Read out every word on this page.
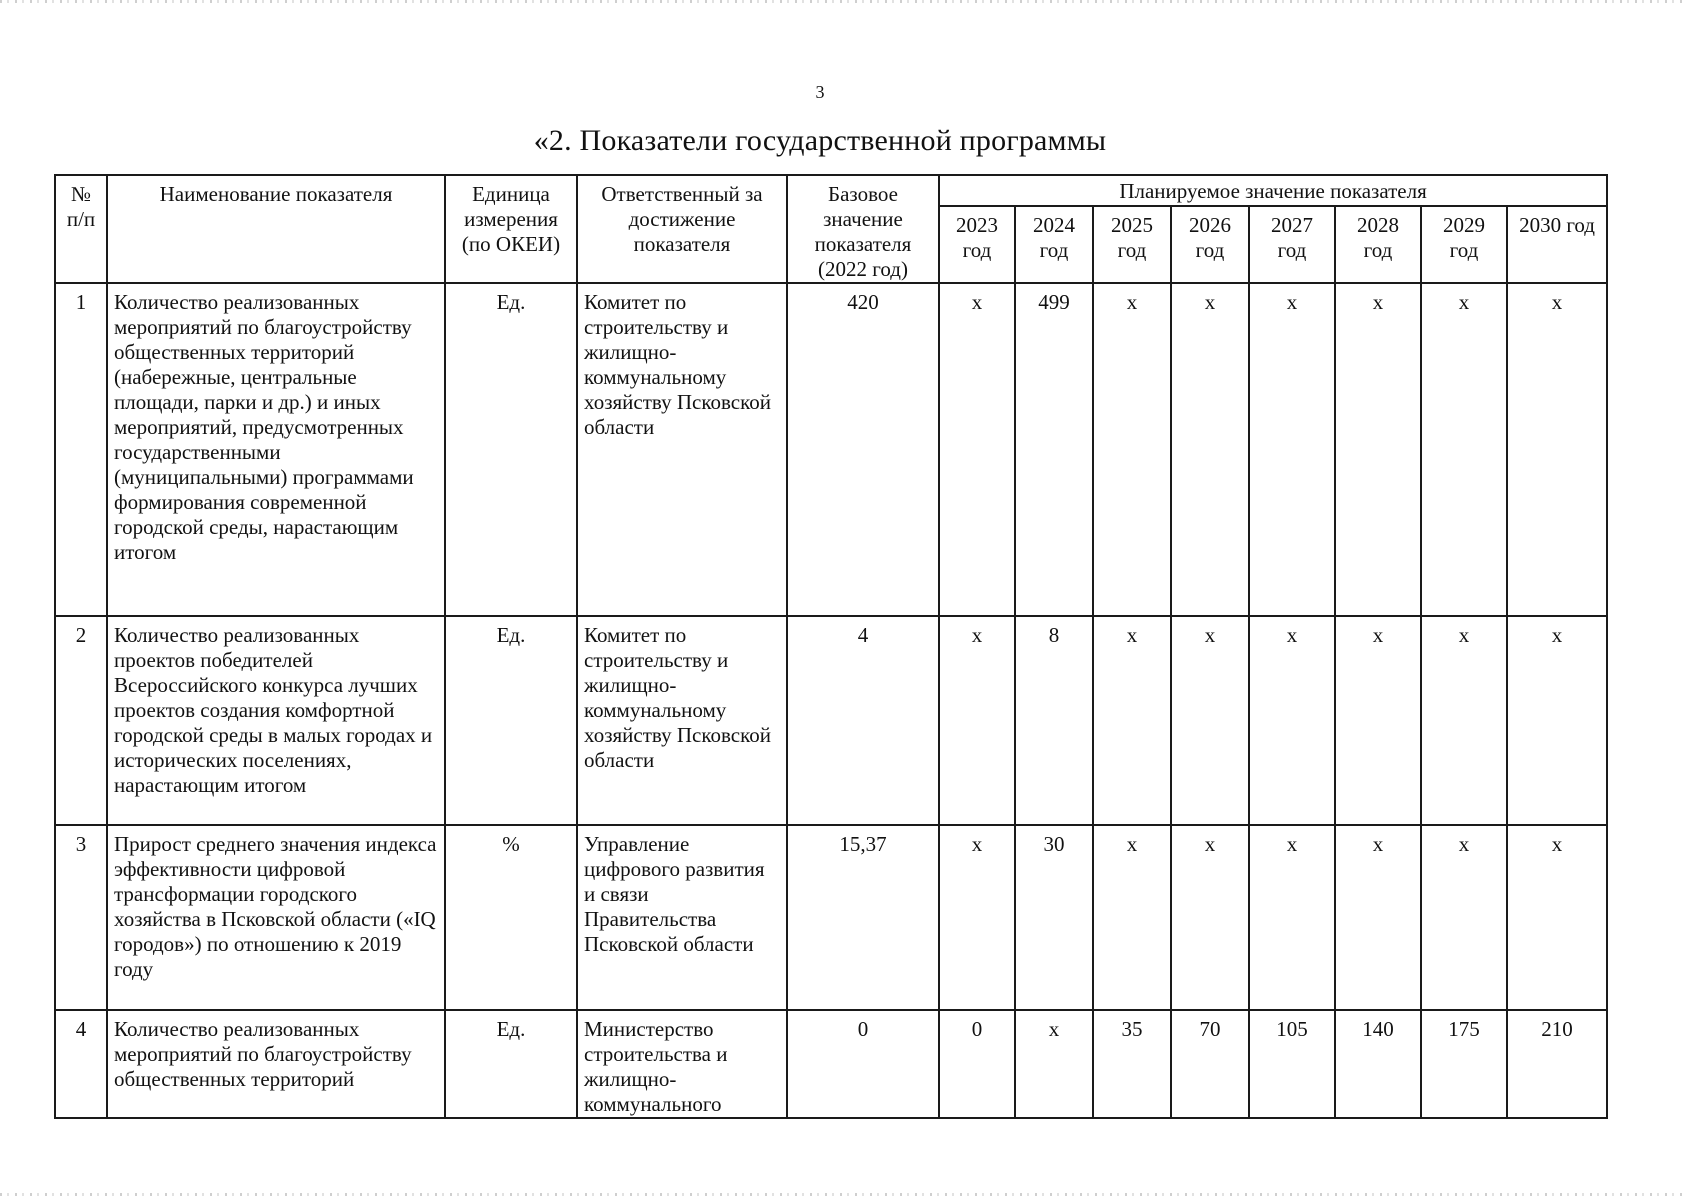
3
«2. Показатели государственной программы
№ п/п	Наименование показателя	Единица измерения (по ОКЕИ)	Ответственный за достижение показателя	Базовое значение показателя (2022 год)	Планируемое значение показателя							
					2023 год	2024 год	2025 год	2026 год	2027 год	2028 год	2029 год	2030 год
1	Количество реализованных мероприятий по благоустройству общественных территорий (набережные, центральные площади, парки и др.) и иных мероприятий, предусмотренных государственными (муниципальными) программами формирования современной городской среды, нарастающим итогом	Ед.	Комитет по строительству и жилищно-коммунальному хозяйству Псковской области	420	х	499	х	х	х	х	х	х
2	Количество реализованных проектов победителей Всероссийского конкурса лучших проектов создания комфортной городской среды в малых городах и исторических поселениях, нарастающим итогом	Ед.	Комитет по строительству и жилищно-коммунальному хозяйству Псковской области	4	х	8	х	х	х	х	х	х
3	Прирост среднего значения индекса эффективности цифровой трансформации городского хозяйства в Псковской области («IQ городов») по отношению к 2019 году	%	Управление цифрового развития и связи Правительства Псковской области	15,37	х	30	х	х	х	х	х	х
4	Количество реализованных мероприятий по благоустройству общественных территорий	Ед.	Министерство строительства и жилищно-коммунального	0	0	х	35	70	105	140	175	210
